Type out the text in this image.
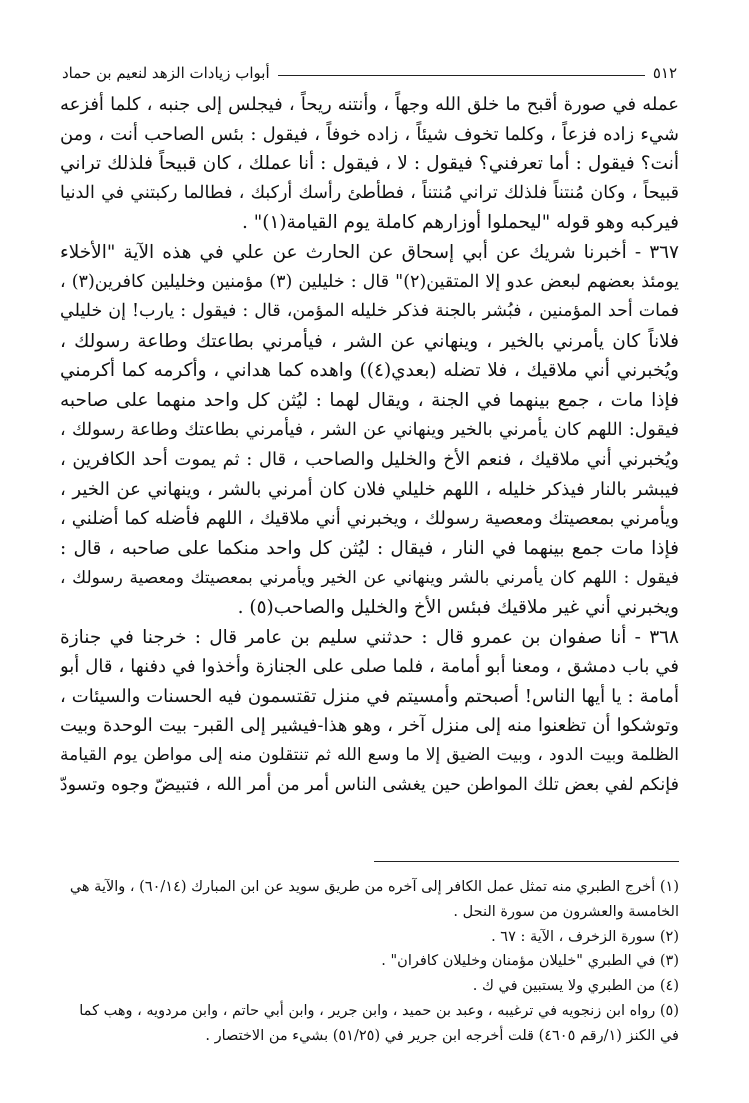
٥١٢
أبواب زيادات الزهد لنعيم بن حماد
عمله في صورة أقبح ما خلق الله وجهاً ، وأنتنه ريحاً ، فيجلس إلى جنبه ، كلما أفزعه
شيء زاده فزعاً ، وكلما تخوف شيئاً ، زاده خوفاً ، فيقول : بئس الصاحب أنت ، ومن
أنت؟ فيقول : أما تعرفني؟ فيقول : لا ، فيقول : أنا عملك ، كان قبيحاً فلذلك تراني
قبيحاً ، وكان مُنتناً فلذلك تراني مُنتناً ، فطأطئ رأسك أركبك ، فطالما ركبتني في الدنيا
فيركبه وهو قوله "ليحملوا أوزارهم كاملة يوم القيامة(١)" .
٣٦٧ - أخبرنا شريك عن أبي إسحاق عن الحارث عن علي في هذه الآية "الأخلاء
يومئذ بعضهم لبعض عدو إلا المتقين(٢)" قال : خليلين (٣) مؤمنين وخليلين كافرين(٣) ،
فمات أحد المؤمنين ، فبُشر بالجنة فذكر خليله المؤمن، قال : فيقول : يارب! إن خليلي
فلاناً كان يأمرني بالخير ، وينهاني عن الشر ، فيأمرني بطاعتك وطاعة رسولك ،
ويُخبرني أني ملاقيك ، فلا تضله (بعدي(٤)) واهده كما هداني ، وأكرمه كما أكرمني
فإذا مات ، جمع بينهما في الجنة ، ويقال لهما : ليُثن كل واحد منهما على صاحبه
فيقول: اللهم كان يأمرني بالخير وينهاني عن الشر ، فيأمرني بطاعتك وطاعة رسولك ،
ويُخبرني أني ملاقيك ، فنعم الأخ والخليل والصاحب ، قال : ثم يموت أحد الكافرين ،
فيبشر بالنار فيذكر خليله ، اللهم خليلي فلان كان أمرني بالشر ، وينهاني عن الخير ،
ويأمرني بمعصيتك ومعصية رسولك ، ويخبرني أني ملاقيك ، اللهم فأضله كما أضلني ،
فإذا مات جمع بينهما في النار ، فيقال : ليُثن كل واحد منكما على صاحبه ، قال :
فيقول : اللهم كان يأمرني بالشر وينهاني عن الخير ويأمرني بمعصيتك ومعصية رسولك ،
ويخبرني أني غير ملاقيك فبئس الأخ والخليل والصاحب(٥) .
٣٦٨ - أنا صفوان بن عمرو قال : حدثني سليم بن عامر قال : خرجنا في جنازة
في باب دمشق ، ومعنا أبو أمامة ، فلما صلى على الجنازة وأخذوا في دفنها ، قال أبو
أمامة : يا أيها الناس! أصبحتم وأمسيتم في منزل تقتسمون فيه الحسنات والسيئات ،
وتوشكوا أن تظعنوا منه إلى منزل آخر ، وهو هذا-فيشير إلى القبر- بيت الوحدة وبيت
الظلمة وبيت الدود ، وبيت الضيق إلا ما وسع الله ثم تنتقلون منه إلى مواطن يوم القيامة
فإنكم لفي بعض تلك المواطن حين يغشى الناس أمر من أمر الله ، فتبيضّ وجوه وتسودّ
(١) أخرج الطبري منه تمثل عمل الكافر إلى آخره من طريق سويد عن ابن المبارك (٦٠/١٤) ، والآية هي
الخامسة والعشرون من سورة النحل .
(٢) سورة الزخرف ، الآية : ٦٧ .
(٣) في الطبري "خليلان مؤمنان وخليلان كافران" .
(٤) من الطبري ولا يستبين في ك .
(٥) رواه ابن زنجويه في ترغيبه ، وعبد بن حميد ، وابن جرير ، وابن أبي حاتم ، وابن مردويه ، وهب كما
في الكنز (١/رقم ٤٦٠٥) قلت أخرجه ابن جرير في (٥١/٢٥) بشيء من الاختصار .
